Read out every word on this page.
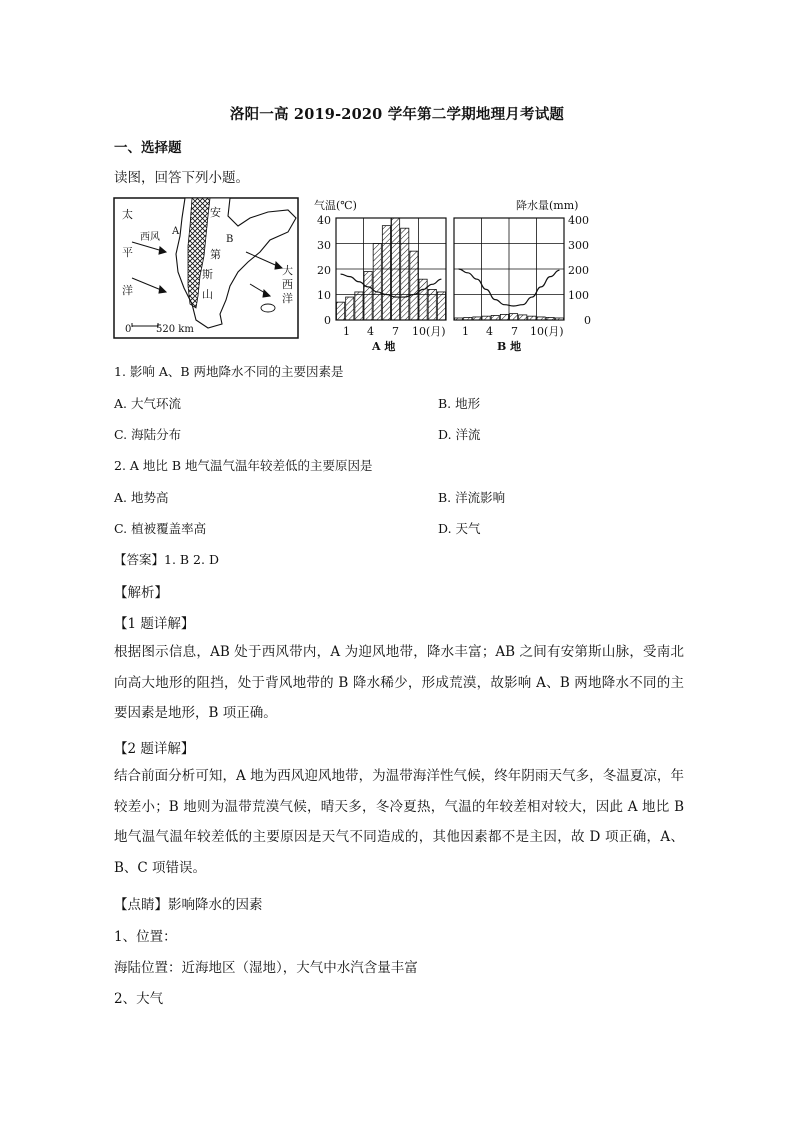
洛阳一高 2019-2020 学年第二学期地理月考试题
一、选择题
读图，回答下列小题。
太
平
洋
西风
A
B
安
第
斯
山
大
西
洋
0 520 km
气温(℃)
40
30
20
10
0
1 4 7 10(月)
A 地
降水量(mm)
400
300
200
100
0
1 4 7 10(月)
B 地
1. 影响 A、B 两地降水不同的主要因素是
A. 大气环流	B. 地形
C. 海陆分布	D. 洋流
2. A 地比 B 地气温气温年较差低的主要原因是
A. 地势高	B. 洋流影响
C. 植被覆盖率高	D. 天气
【答案】1. B 2. D
【解析】
【1 题详解】
根据图示信息，AB 处于西风带内，A 为迎风地带，降水丰富；AB 之间有安第斯山脉，受南北向高大地形的阻挡，处于背风地带的 B 降水稀少，形成荒漠，故影响 A、B 两地降水不同的主要因素是地形，B 项正确。
【2 题详解】
结合前面分析可知，A 地为西风迎风地带，为温带海洋性气候，终年阴雨天气多，冬温夏凉，年较差小；B 地则为温带荒漠气候，晴天多，冬冷夏热，气温的年较差相对较大，因此 A 地比 B 地气温气温年较差低的主要原因是天气不同造成的，其他因素都不是主因，故 D 项正确，A、B、C 项错误。
【点睛】影响降水的因素
1、位置：
海陆位置：近海地区（湿地），大气中水汽含量丰富
2、大气
